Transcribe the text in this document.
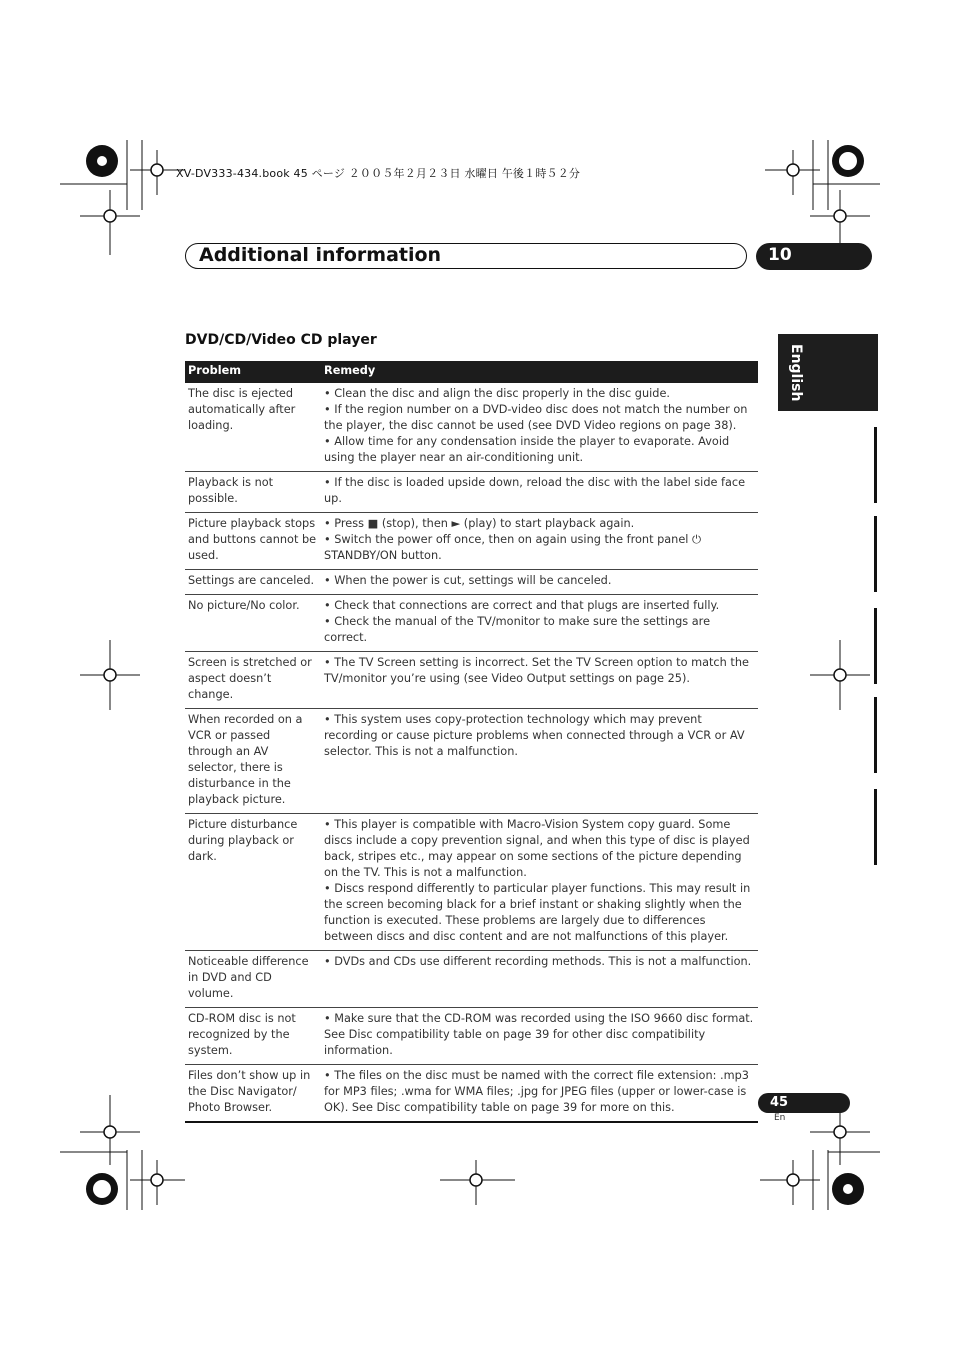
XV-DV333-434.book 45 ページ ２００５年２月２３日 水曜日 午後１時５２分
Additional information	10
English
DVD/CD/Video CD player
Problem	Remedy
The disc is ejected automatically after loading.	• Clean the disc and align the disc properly in the disc guide.
• If the region number on a DVD-video disc does not match the number on the player, the disc cannot be used (see DVD Video regions on page 38).
• Allow time for any condensation inside the player to evaporate. Avoid using the player near an air-conditioning unit.

Playback is not possible.	• If the disc is loaded upside down, reload the disc with the label side face up.

Picture playback stops and buttons cannot be used.	• Press ■ (stop), then ► (play) to start playback again.
• Switch the power off once, then on again using the front panel ⏻ STANDBY/ON button.

Settings are canceled.	• When the power is cut, settings will be canceled.

No picture/No color.	• Check that connections are correct and that plugs are inserted fully.
• Check the manual of the TV/monitor to make sure the settings are correct.

Screen is stretched or aspect doesn’t change.	• The TV Screen setting is incorrect. Set the TV Screen option to match the TV/monitor you’re using (see Video Output settings on page 25).

When recorded on a VCR or passed through an AV selector, there is disturbance in the playback picture.	• This system uses copy-protection technology which may prevent recording or cause picture problems when connected through a VCR or AV selector. This is not a malfunction.

Picture disturbance during playback or dark.	• This player is compatible with Macro-Vision System copy guard. Some discs include a copy prevention signal, and when this type of disc is played back, stripes etc., may appear on some sections of the picture depending on the TV. This is not a malfunction.
• Discs respond differently to particular player functions. This may result in the screen becoming black for a brief instant or shaking slightly when the function is executed. These problems are largely due to differences between discs and disc content and are not malfunctions of this player.

Noticeable difference in DVD and CD volume.	• DVDs and CDs use different recording methods. This is not a malfunction.

CD-ROM disc is not recognized by the system.	• Make sure that the CD-ROM was recorded using the ISO 9660 disc format. See Disc compatibility table on page 39 for other disc compatibility information.

Files don’t show up in the Disc Navigator/ Photo Browser.	• The files on the disc must be named with the correct file extension: .mp3 for MP3 files; .wma for WMA files; .jpg for JPEG files (upper or lower-case is OK). See Disc compatibility table on page 39 for more on this.	45
En
